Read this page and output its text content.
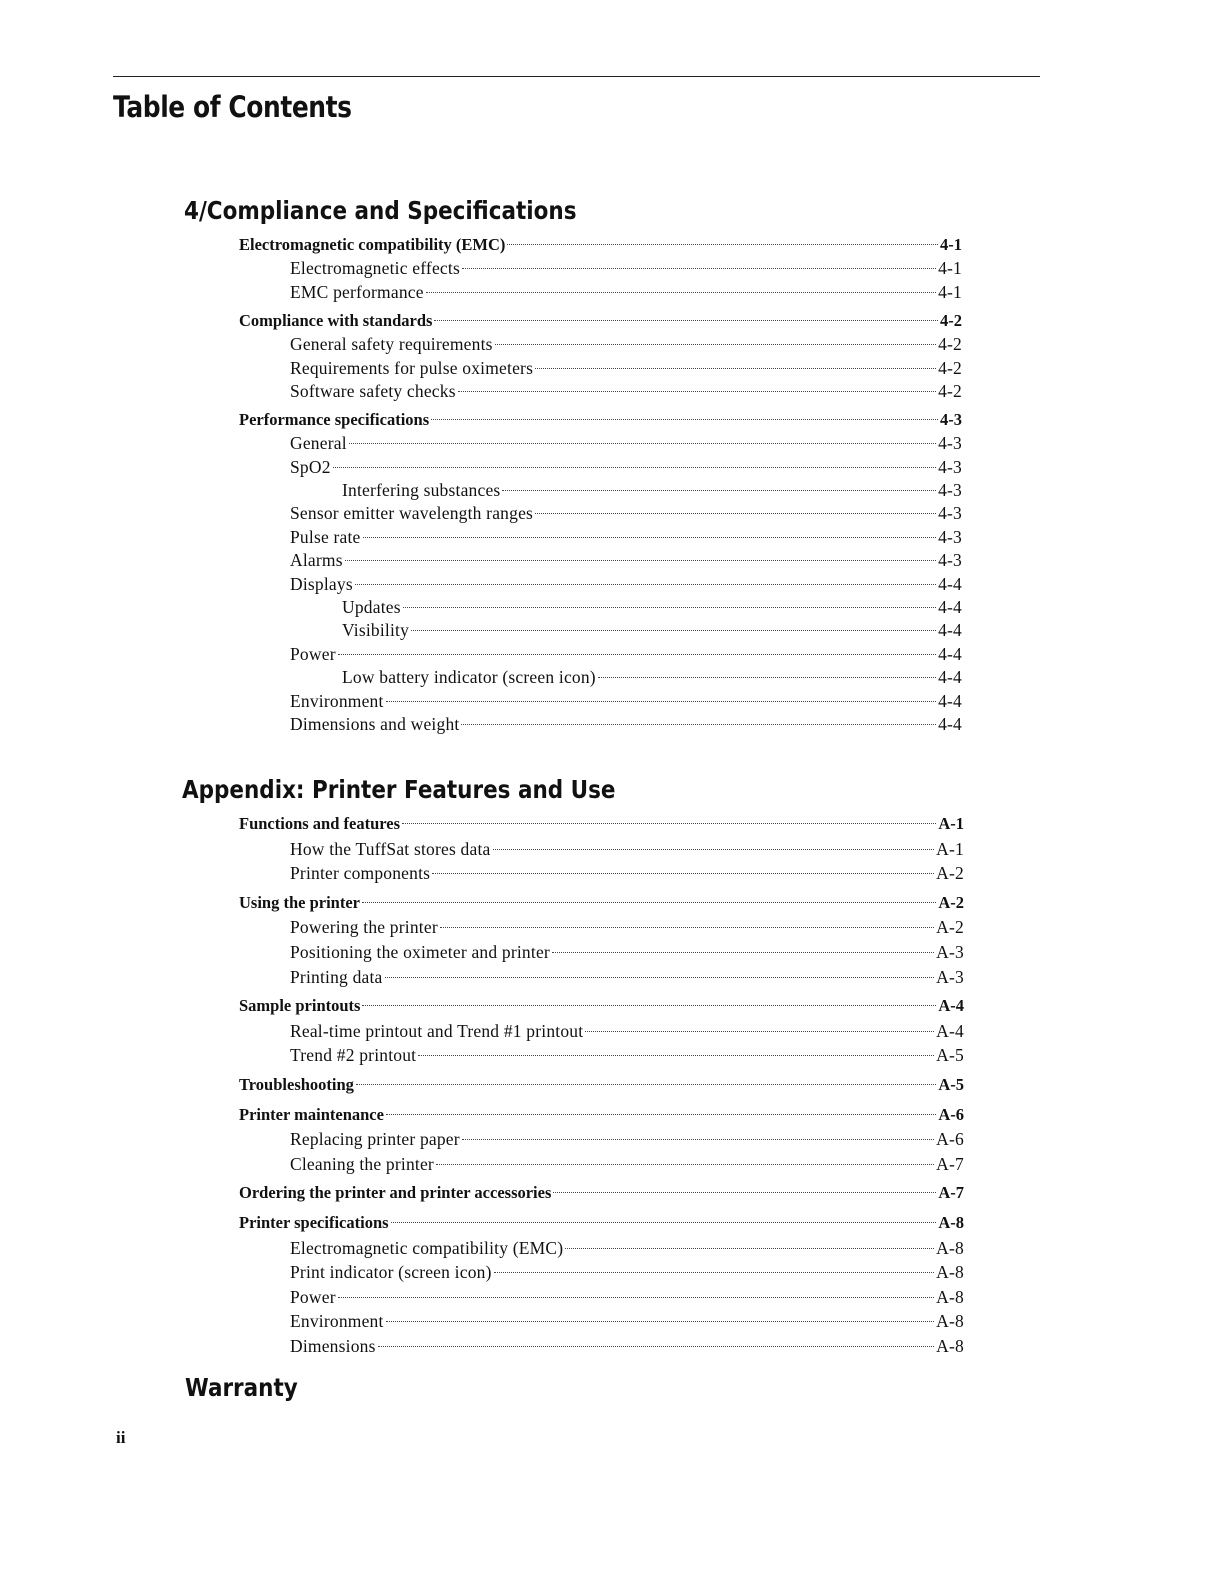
Table of Contents
4/Compliance and Specifications
Electromagnetic compatibility (EMC)	4-1
Electromagnetic effects	4-1
EMC performance	4-1
Compliance with standards	4-2
General safety requirements	4-2
Requirements for pulse oximeters	4-2
Software safety checks	4-2
Performance specifications	4-3
General	4-3
SpO2	4-3
Interfering substances	4-3
Sensor emitter wavelength ranges	4-3
Pulse rate	4-3
Alarms	4-3
Displays	4-4
Updates	4-4
Visibility	4-4
Power	4-4
Low battery indicator (screen icon)	4-4
Environment	4-4
Dimensions and weight	4-4
Appendix: Printer Features and Use
Functions and features	A-1
How the TuffSat stores data	A-1
Printer components	A-2
Using the printer	A-2
Powering the printer	A-2
Positioning the oximeter and printer	A-3
Printing data	A-3
Sample printouts	A-4
Real-time printout and Trend #1 printout	A-4
Trend #2 printout	A-5
Troubleshooting	A-5
Printer maintenance	A-6
Replacing printer paper	A-6
Cleaning the printer	A-7
Ordering the printer and printer accessories	A-7
Printer specifications	A-8
Electromagnetic compatibility (EMC)	A-8
Print indicator (screen icon)	A-8
Power	A-8
Environment	A-8
Dimensions	A-8
Warranty
ii
